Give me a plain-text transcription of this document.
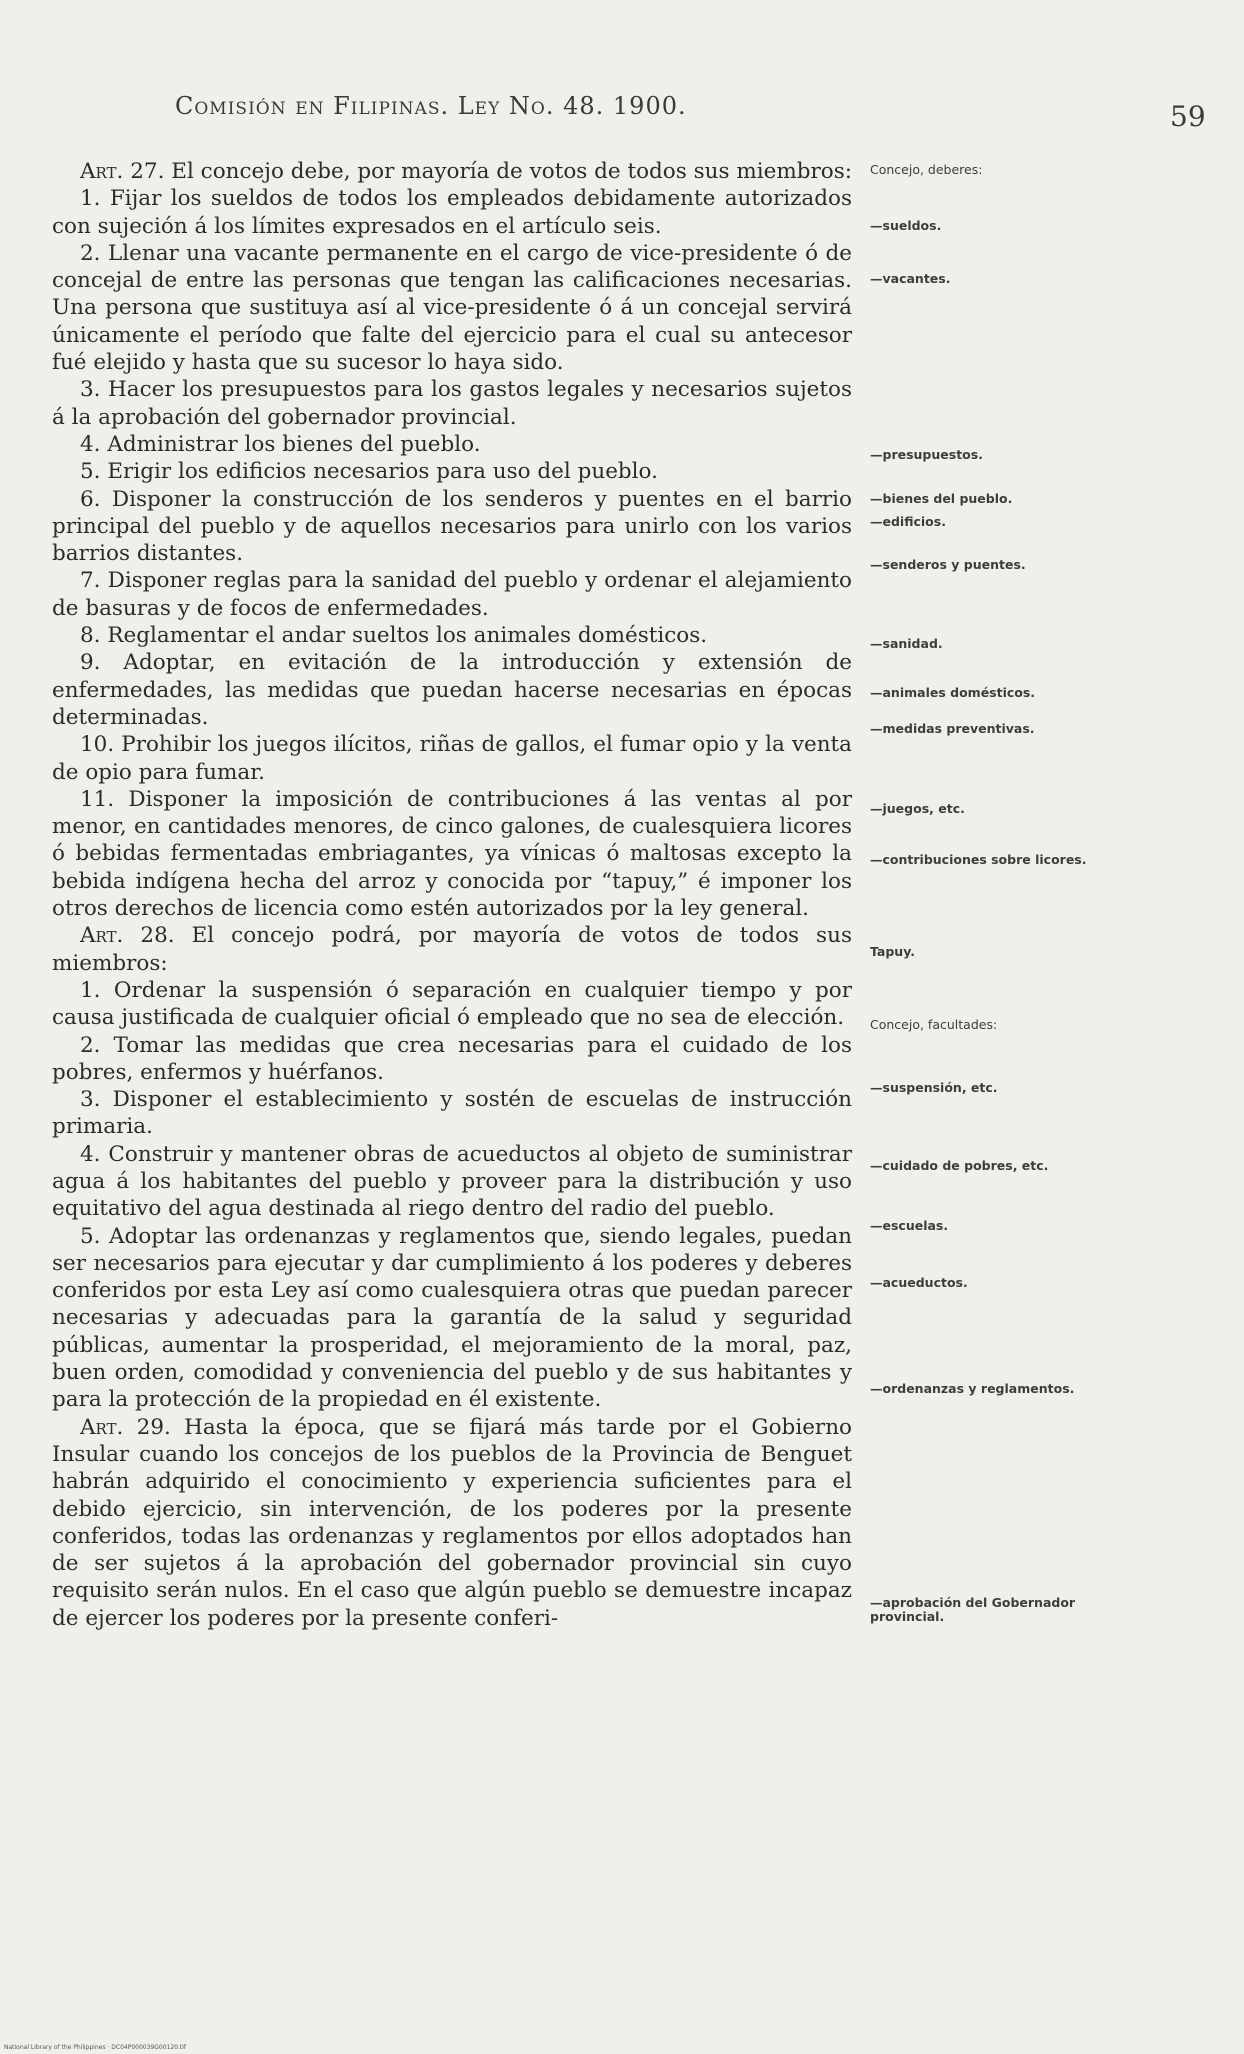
Comisión en Filipinas. Ley No. 48. 1900.	59

Art. 27. El concejo debe, por mayoría de votos de todos sus miembros:

1. Fijar los sueldos de todos los empleados debidamente autorizados con sujeción á los límites expresados en el artículo seis.

2. Llenar una vacante permanente en el cargo de vice-presidente ó de concejal de entre las personas que tengan las calificaciones necesarias. Una persona que sustituya así al vice-presidente ó á un concejal servirá únicamente el período que falte del ejercicio para el cual su antecesor fué elejido y hasta que su sucesor lo haya sido.

3. Hacer los presupuestos para los gastos legales y necesarios sujetos á la aprobación del gobernador provincial.

4. Administrar los bienes del pueblo.

5. Erigir los edificios necesarios para uso del pueblo.

6. Disponer la construcción de los senderos y puentes en el barrio principal del pueblo y de aquellos necesarios para unirlo con los varios barrios distantes.

7. Disponer reglas para la sanidad del pueblo y ordenar el alejamiento de basuras y de focos de enfermedades.

8. Reglamentar el andar sueltos los animales domésticos.

9. Adoptar, en evitación de la introducción y extensión de enfermedades, las medidas que puedan hacerse necesarias en épocas determinadas.

10. Prohibir los juegos ilícitos, riñas de gallos, el fumar opio y la venta de opio para fumar.

11. Disponer la imposición de contribuciones á las ventas al por menor, en cantidades menores, de cinco galones, de cualesquiera licores ó bebidas fermentadas embriagantes, ya vínicas ó maltosas excepto la bebida indígena hecha del arroz y conocida por “tapuy,” é imponer los otros derechos de licencia como estén autorizados por la ley general.

Art. 28. El concejo podrá, por mayoría de votos de todos sus miembros:

1. Ordenar la suspensión ó separación en cualquier tiempo y por causa justificada de cualquier oficial ó empleado que no sea de elección.

2. Tomar las medidas que crea necesarias para el cuidado de los pobres, enfermos y huérfanos.

3. Disponer el establecimiento y sostén de escuelas de instrucción primaria.

4. Construir y mantener obras de acueductos al objeto de suministrar agua á los habitantes del pueblo y proveer para la distribución y uso equitativo del agua destinada al riego dentro del radio del pueblo.

5. Adoptar las ordenanzas y reglamentos que, siendo legales, puedan ser necesarios para ejecutar y dar cumplimiento á los poderes y deberes conferidos por esta Ley así como cualesquiera otras que puedan parecer necesarias y adecuadas para la garantía de la salud y seguridad públicas, aumentar la prosperidad, el mejoramiento de la moral, paz, buen orden, comodidad y conveniencia del pueblo y de sus habitantes y para la protección de la propiedad en él existente.

Art. 29. Hasta la época, que se fijará más tarde por el Gobierno Insular cuando los concejos de los pueblos de la Provincia de Benguet habrán adquirido el conocimiento y experiencia suficientes para el debido ejercicio, sin intervención, de los poderes por la presente conferidos, todas las ordenanzas y reglamentos por ellos adoptados han de ser sujetos á la aprobación del gobernador provincial sin cuyo requisito serán nulos. En el caso que algún pueblo se demuestre incapaz de ejercer los poderes por la presente conferi-

Concejo, deberes:
—sueldos.
—vacantes.
—presupuestos.
—bienes del pueblo.
—edificios.
—senderos y puentes.
—sanidad.
—animales domésticos.
—medidas preventivas.
—juegos, etc.
—contribuciones sobre licores.
Tapuy.
Concejo, facultades:
—suspensión, etc.
—cuidado de pobres, etc.
—escuelas.
—acueductos.
—ordenanzas y reglamentos.
—aprobación del Gobernador provincial.
National Library of the Philippines · DC04P000039G00120.tif
